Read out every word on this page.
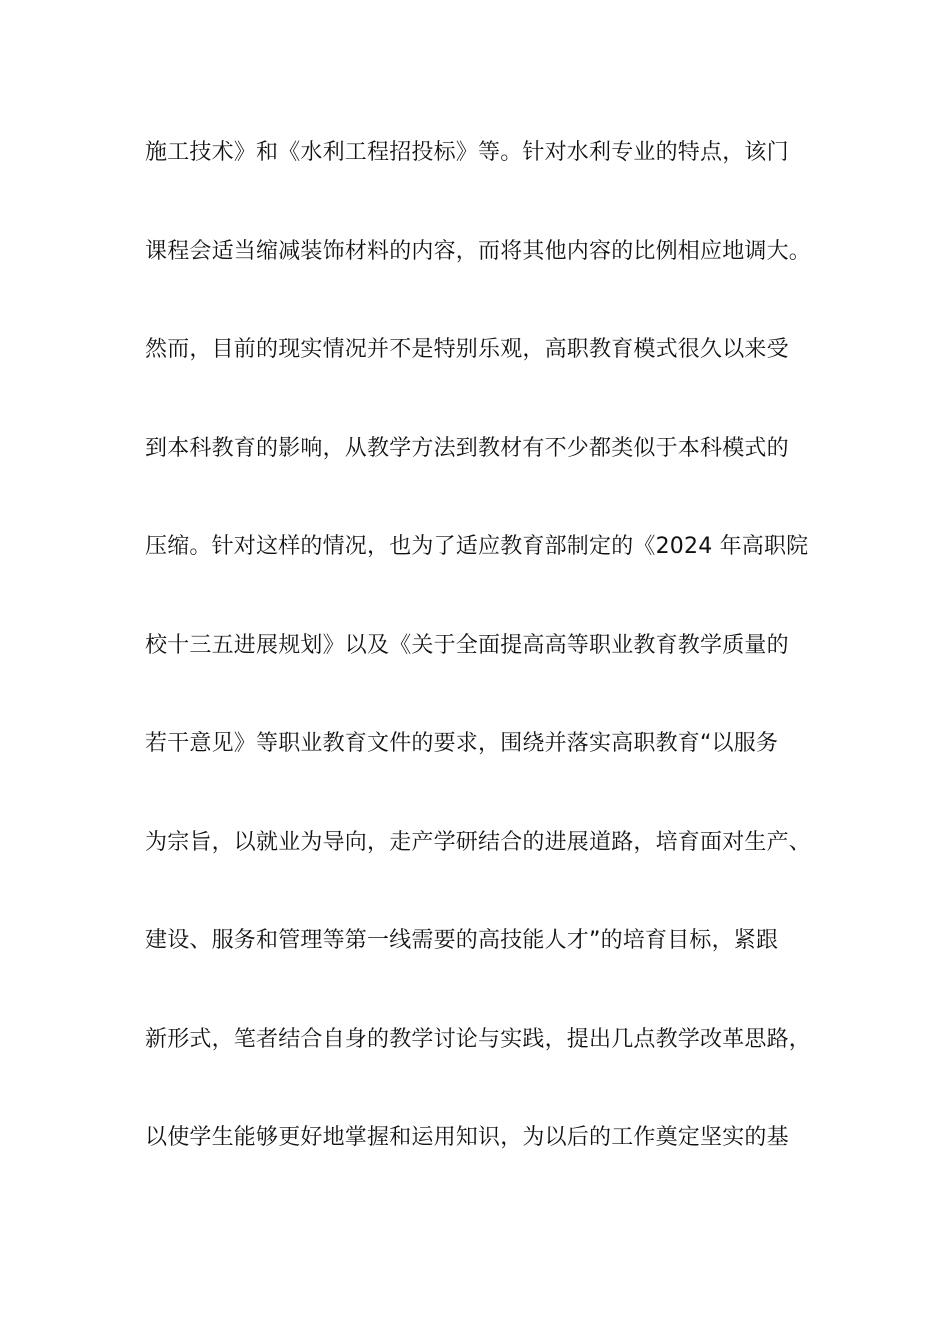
施工技术》和《水利工程招投标》等。针对水利专业的特点，该门
课程会适当缩减装饰材料的内容，而将其他内容的比例相应地调大。
然而，目前的现实情况并不是特别乐观，高职教育模式很久以来受
到本科教育的影响，从教学方法到教材有不少都类似于本科模式的
压缩。针对这样的情况，也为了适应教育部制定的《2024 年高职院
校十三五进展规划》以及《关于全面提高高等职业教育教学质量的
若干意见》等职业教育文件的要求，围绕并落实高职教育“以服务
为宗旨，以就业为导向，走产学研结合的进展道路，培育面对生产、
建设、服务和管理等第一线需要的高技能人才”的培育目标，紧跟
新形式，笔者结合自身的教学讨论与实践，提出几点教学改革思路，
以使学生能够更好地掌握和运用知识，为以后的工作奠定坚实的基
